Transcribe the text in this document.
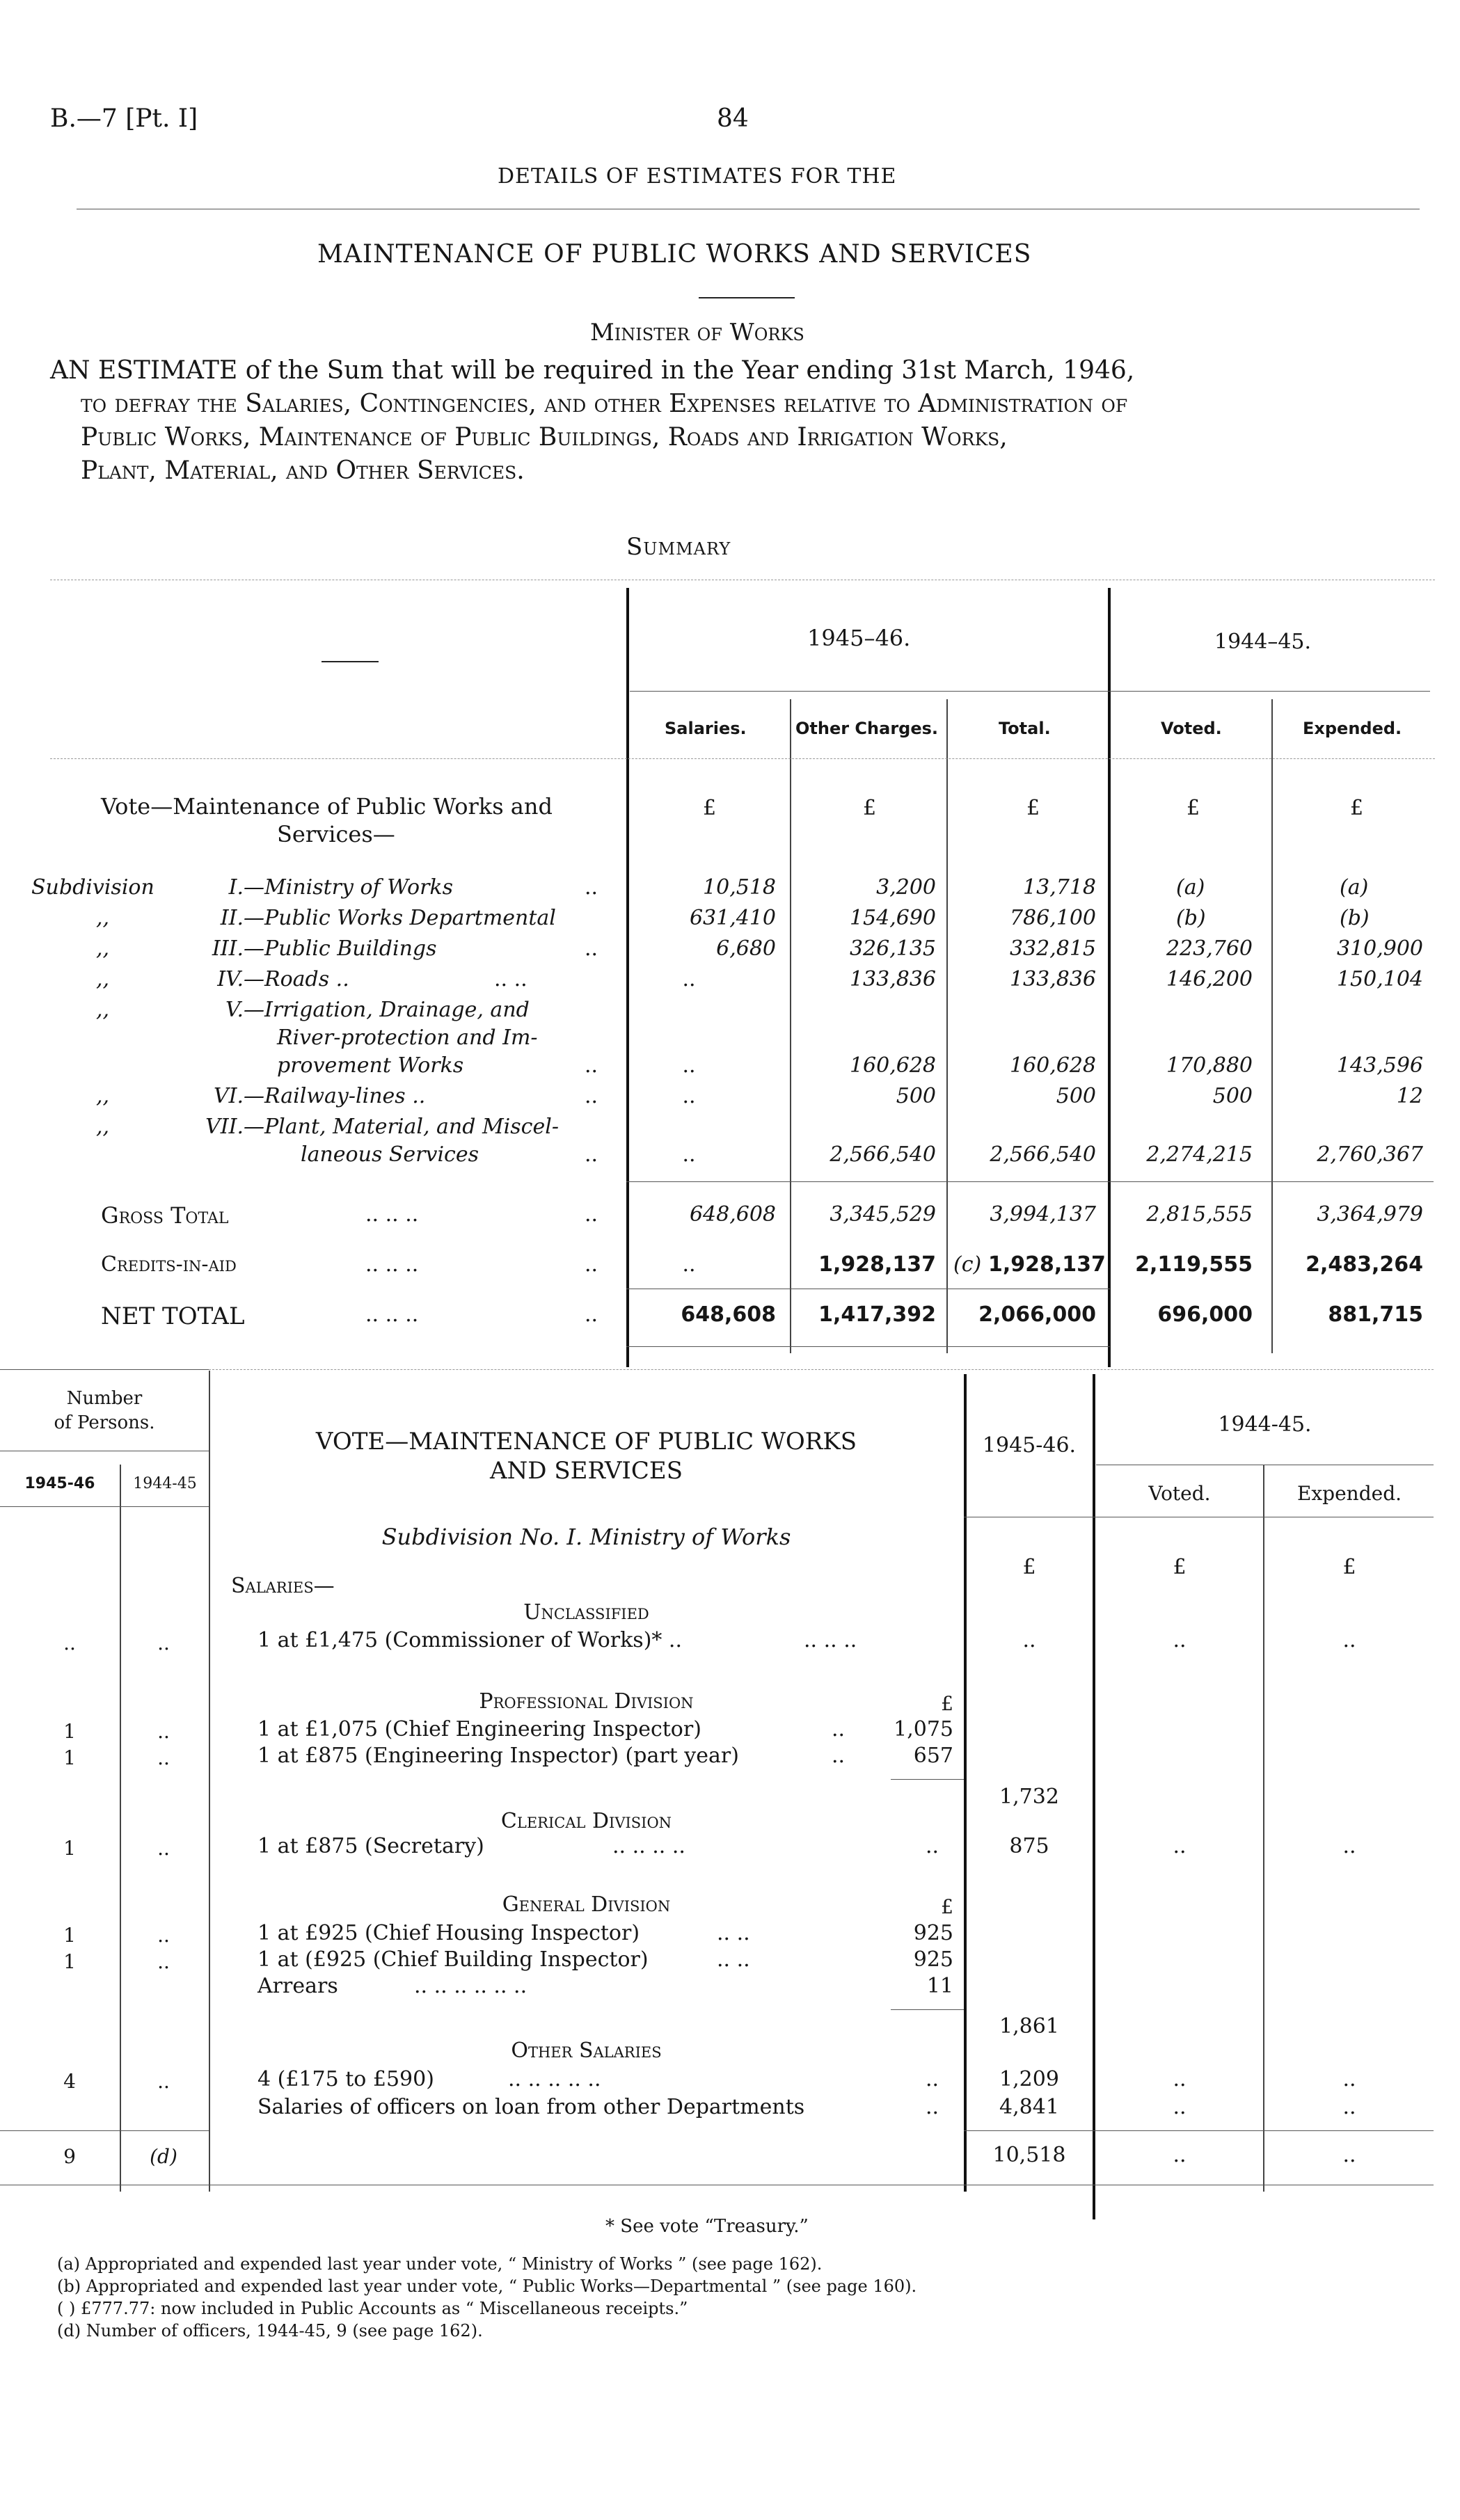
B.—7 [Pt. I]	84
DETAILS OF ESTIMATES FOR THE
MAINTENANCE OF PUBLIC WORKS AND SERVICES
Minister of Works
AN ESTIMATE of the Sum that will be required in the Year ending 31st March, 1946,
to defray the Salaries, Contingencies, and other Expenses relative to Administration of
Public Works, Maintenance of Public Buildings, Roads and Irrigation Works,
Plant, Material, and Other Services.
Summary
1945–46.	1944–45.
Salaries.	Other Charges.	Total.	Voted.	Expended.
Vote—Maintenance of Public Works and
Services—
£	£	£	£	£
Subdivision	I. —Ministry of Works	..	10,518	3,200	13,718	(a)	(a)
,,	II. —Public Works Departmental	631,410	154,690	786,100	(b)	(b)
,,	III. —Public Buildings	..	6,680	326,135	332,815	223,760	310,900
,,	IV. —Roads ..	.. ..	..	133,836	133,836	146,200	150,104
,,	V. —Irrigation, Drainage, and
River-protection and Im-
provement Works	..	..	160,628	160,628	170,880	143,596
,,	VI. —Railway-lines ..	..	..	500	500	500	12
,,	VII. —Plant, Material, and Miscel-
laneous Services	..	..	2,566,540	2,566,540	2,274,215	2,760,367
Gross Total	.. .. ..	..	648,608	3,345,529	3,994,137	2,815,555	3,364,979
Credits-in-aid	.. .. ..	..	..	1,928,137 (c) 1,928,137	2,119,555	2,483,264
NET TOTAL	.. .. ..	..	648,608	1,417,392	2,066,000	696,000	881,715
Number
of Persons.
1945-46	1944-45
VOTE—MAINTENANCE OF PUBLIC WORKS
AND SERVICES
1945-46.
1944-45.
Voted.	Expended.
Subdivision No. I. Ministry of Works
£	£	£
Salaries—
Unclassified
..	..	1 at £1,475 (Commissioner of Works)* ..	.. .. ..	..	..	..
Professional Division	£
1	..	1 at £1,075 (Chief Engineering Inspector)	..	1,075
1	..	1 at £875 (Engineering Inspector) (part year)	..	657
1,732
Clerical Division
1	..	1 at £875 (Secretary)	.. .. .. ..	..	875	..	..
General Division	£
1	..	1 at £925 (Chief Housing Inspector)	.. ..	925
1	..	1 at (£925 (Chief Building Inspector)	.. ..	925
Arrears	.. .. .. .. .. ..	11
1,861
Other Salaries
4	..	4 (£175 to £590)	.. .. .. .. ..	..	1,209	..	..
Salaries of officers on loan from other Departments	..	4,841	..	..
9	(d)	10,518	..	..
* See vote “Treasury.”
(a) Appropriated and expended last year under vote, “ Ministry of Works ” (see page 162).
(b) Appropriated and expended last year under vote, “ Public Works—Departmental ” (see page 160).
( ) £777.77: now included in Public Accounts as “ Miscellaneous receipts.”
(d) Number of officers, 1944-45, 9 (see page 162).
